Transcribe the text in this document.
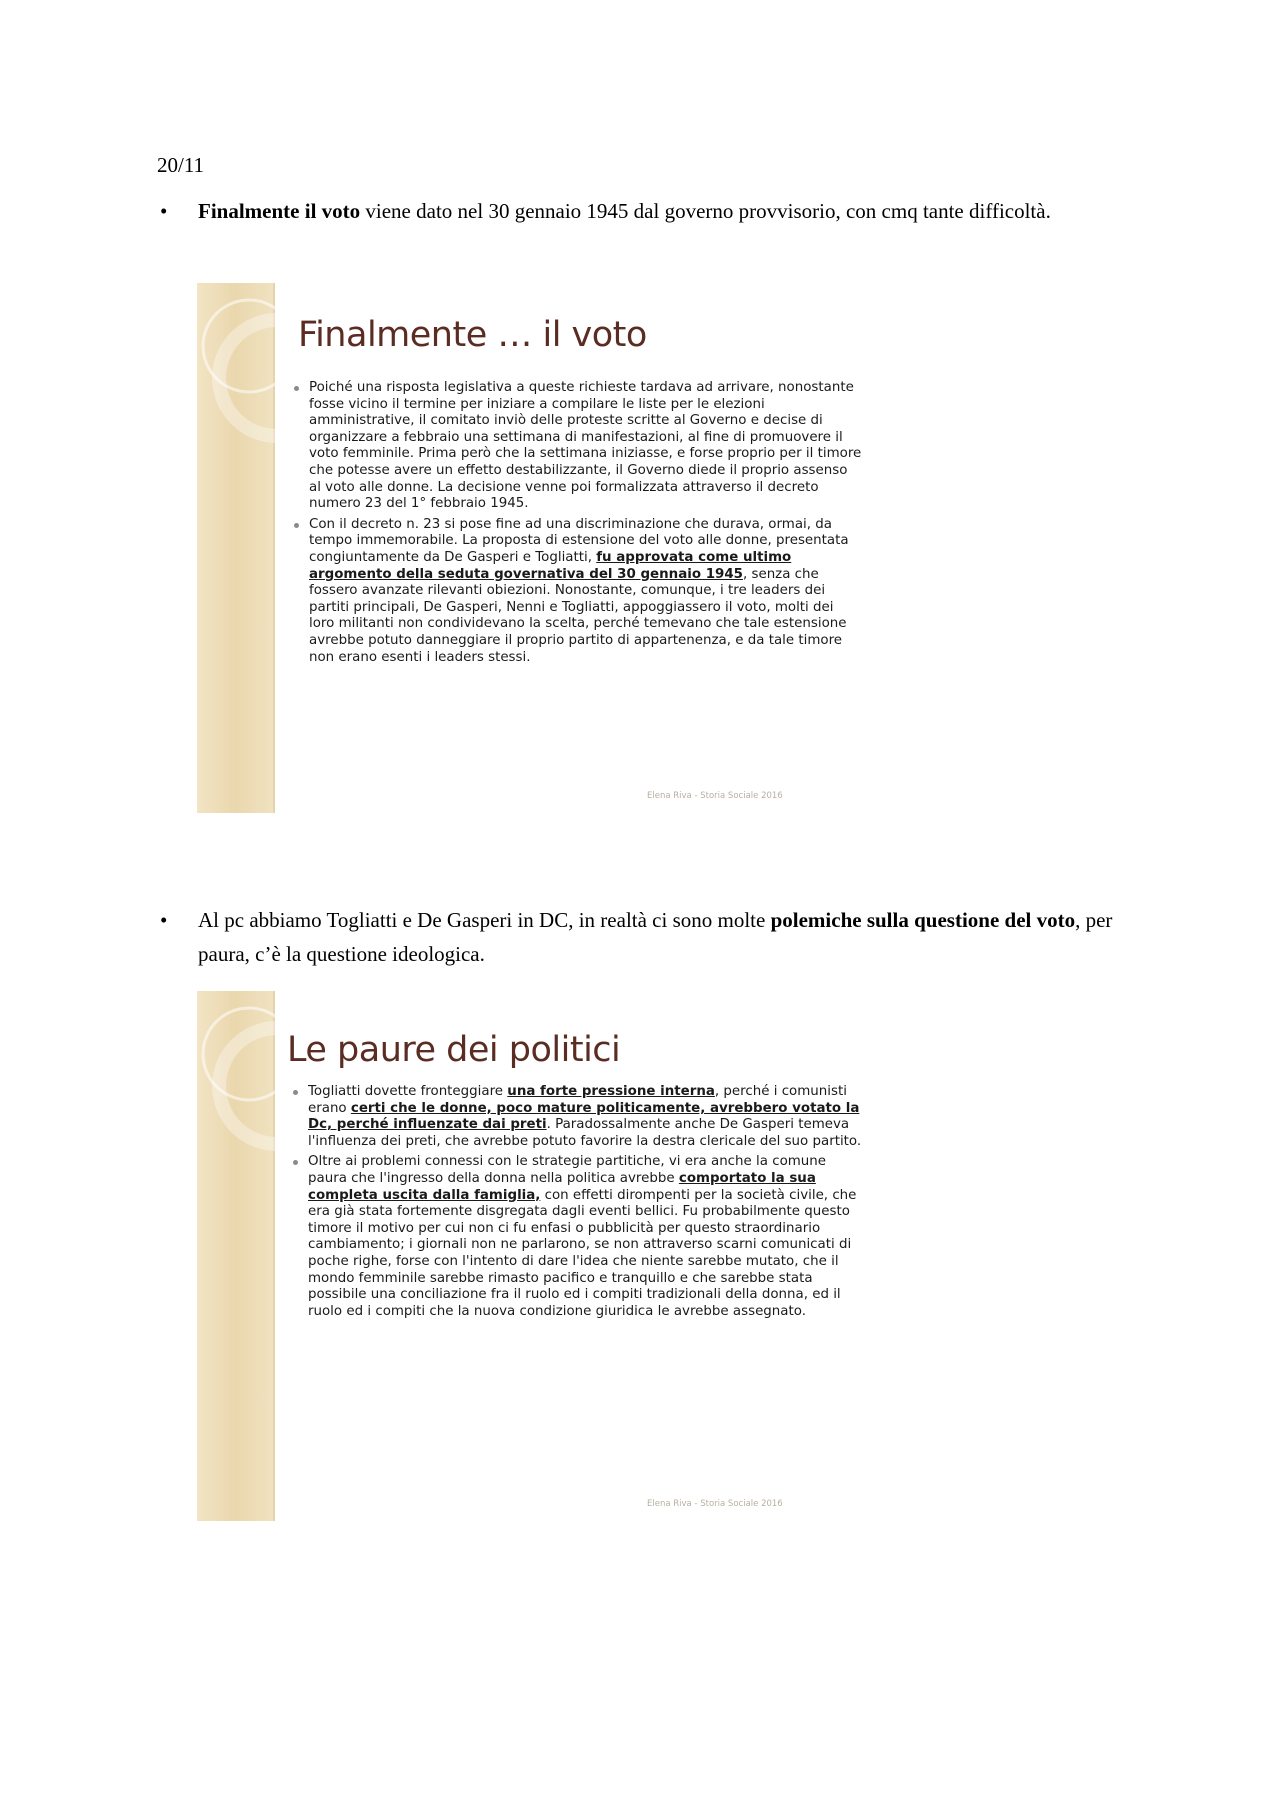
20/11
•	Finalmente il voto viene dato nel 30 gennaio 1945 dal governo provvisorio, con cmq tante difficoltà.
Finalmente … il voto
Poiché una risposta legislativa a queste richieste tardava ad arrivare, nonostante fosse vicino il termine per iniziare a compilare le liste per le elezioni amministrative, il comitato inviò delle proteste scritte al Governo e decise di organizzare a febbraio una settimana di manifestazioni, al fine di promuovere il voto femminile. Prima però che la settimana iniziasse, e forse proprio per il timore che potesse avere un effetto destabilizzante, il Governo diede il proprio assenso al voto alle donne. La decisione venne poi formalizzata attraverso il decreto numero 23 del 1° febbraio 1945.
Con il decreto n. 23 si pose fine ad una discriminazione che durava, ormai, da tempo immemorabile. La proposta di estensione del voto alle donne, presentata congiuntamente da De Gasperi e Togliatti, fu approvata come ultimo argomento della seduta governativa del 30 gennaio 1945, senza che fossero avanzate rilevanti obiezioni. Nonostante, comunque, i tre leaders dei partiti principali, De Gasperi, Nenni e Togliatti, appoggiassero il voto, molti dei loro militanti non condividevano la scelta, perché temevano che tale estensione avrebbe potuto danneggiare il proprio partito di appartenenza, e da tale timore non erano esenti i leaders stessi.
Elena Riva - Storia Sociale 2016
•	Al pc abbiamo Togliatti e De Gasperi in DC, in realtà ci sono molte polemiche sulla questione del voto, per paura, c’è la questione ideologica.
Le paure dei politici
Togliatti dovette fronteggiare una forte pressione interna, perché i comunisti erano certi che le donne, poco mature politicamente, avrebbero votato la Dc, perché influenzate dai preti. Paradossalmente anche De Gasperi temeva l'influenza dei preti, che avrebbe potuto favorire la destra clericale del suo partito.
Oltre ai problemi connessi con le strategie partitiche, vi era anche la comune paura che l'ingresso della donna nella politica avrebbe comportato la sua completa uscita dalla famiglia, con effetti dirompenti per la società civile, che era già stata fortemente disgregata dagli eventi bellici. Fu probabilmente questo timore il motivo per cui non ci fu enfasi o pubblicità per questo straordinario cambiamento; i giornali non ne parlarono, se non attraverso scarni comunicati di poche righe, forse con l'intento di dare l'idea che niente sarebbe mutato, che il mondo femminile sarebbe rimasto pacifico e tranquillo e che sarebbe stata possibile una conciliazione fra il ruolo ed i compiti tradizionali della donna, ed il ruolo ed i compiti che la nuova condizione giuridica le avrebbe assegnato.
Elena Riva - Storia Sociale 2016
